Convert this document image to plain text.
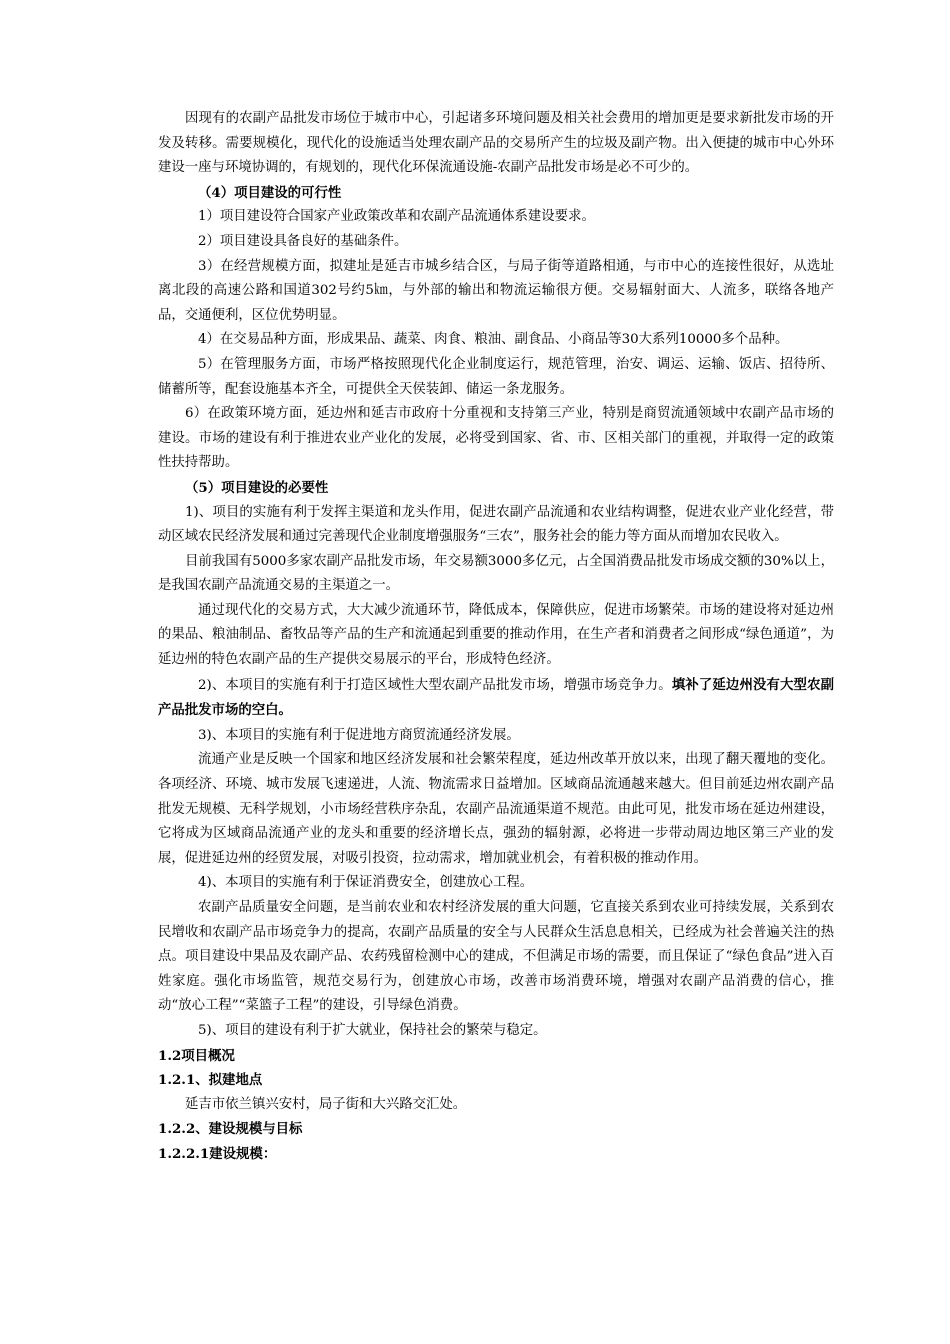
因现有的农副产品批发市场位于城市中心，引起诸多环境问题及相关社会费用的增加更是要求新批发市场的开发及转移。需要规模化，现代化的设施适当处理农副产品的交易所产生的垃圾及副产物。出入便捷的城市中心外环建设一座与环境协调的，有规划的，现代化环保流通设施-农副产品批发市场是必不可少的。

（4）项目建设的可行性

1）项目建设符合国家产业政策改革和农副产品流通体系建设要求。

2）项目建设具备良好的基础条件。

3）在经营规模方面，拟建址是延吉市城乡结合区，与局子街等道路相通，与市中心的连接性很好，从选址离北段的高速公路和国道302号约5㎞，与外部的输出和物流运输很方便。交易辐射面大、人流多，联络各地产品，交通便利，区位优势明显。

4）在交易品种方面，形成果品、蔬菜、肉食、粮油、副食品、小商品等30大系列10000多个品种。

5）在管理服务方面，市场严格按照现代化企业制度运行，规范管理，治安、调运、运输、饭店、招待所、储蓄所等，配套设施基本齐全，可提供全天侯装卸、储运一条龙服务。

6）在政策环境方面，延边州和延吉市政府十分重视和支持第三产业，特别是商贸流通领域中农副产品市场的建设。市场的建设有利于推进农业产业化的发展，必将受到国家、省、市、区相关部门的重视，并取得一定的政策性扶持帮助。

（5）项目建设的必要性

1)、项目的实施有利于发挥主渠道和龙头作用，促进农副产品流通和农业结构调整，促进农业产业化经营，带动区域农民经济发展和通过完善现代企业制度增强服务“三农”，服务社会的能力等方面从而增加农民收入。

目前我国有5000多家农副产品批发市场，年交易额3000多亿元，占全国消费品批发市场成交额的30%以上，是我国农副产品流通交易的主渠道之一。

通过现代化的交易方式，大大减少流通环节，降低成本，保障供应，促进市场繁荣。市场的建设将对延边州的果品、粮油制品、畜牧品等产品的生产和流通起到重要的推动作用，在生产者和消费者之间形成“绿色通道”，为延边州的特色农副产品的生产提供交易展示的平台，形成特色经济。

2)、本项目的实施有利于打造区域性大型农副产品批发市场，增强市场竞争力。填补了延边州没有大型农副产品批发市场的空白。

3)、本项目的实施有利于促进地方商贸流通经济发展。

流通产业是反映一个国家和地区经济发展和社会繁荣程度，延边州改革开放以来，出现了翻天覆地的变化。各项经济、环境、城市发展飞速递进，人流、物流需求日益增加。区域商品流通越来越大。但目前延边州农副产品批发无规模、无科学规划，小市场经营秩序杂乱，农副产品流通渠道不规范。由此可见，批发市场在延边州建设，它将成为区域商品流通产业的龙头和重要的经济增长点，强劲的辐射源，必将进一步带动周边地区第三产业的发展，促进延边州的经贸发展，对吸引投资，拉动需求，增加就业机会，有着积极的推动作用。

4)、本项目的实施有利于保证消费安全，创建放心工程。

农副产品质量安全问题，是当前农业和农村经济发展的重大问题，它直接关系到农业可持续发展，关系到农民增收和农副产品市场竞争力的提高，农副产品质量的安全与人民群众生活息息相关，已经成为社会普遍关注的热点。项目建设中果品及农副产品、农药残留检测中心的建成，不但满足市场的需要，而且保证了“绿色食品”进入百姓家庭。强化市场监管，规范交易行为，创建放心市场，改善市场消费环境，增强对农副产品消费的信心，推动“放心工程”“菜篮子工程”的建设，引导绿色消费。

5)、项目的建设有利于扩大就业，保持社会的繁荣与稳定。

1.2项目概况

1.2.1、拟建地点

延吉市依兰镇兴安村，局子街和大兴路交汇处。

1.2.2、建设规模与目标

1.2.2.1建设规模：
